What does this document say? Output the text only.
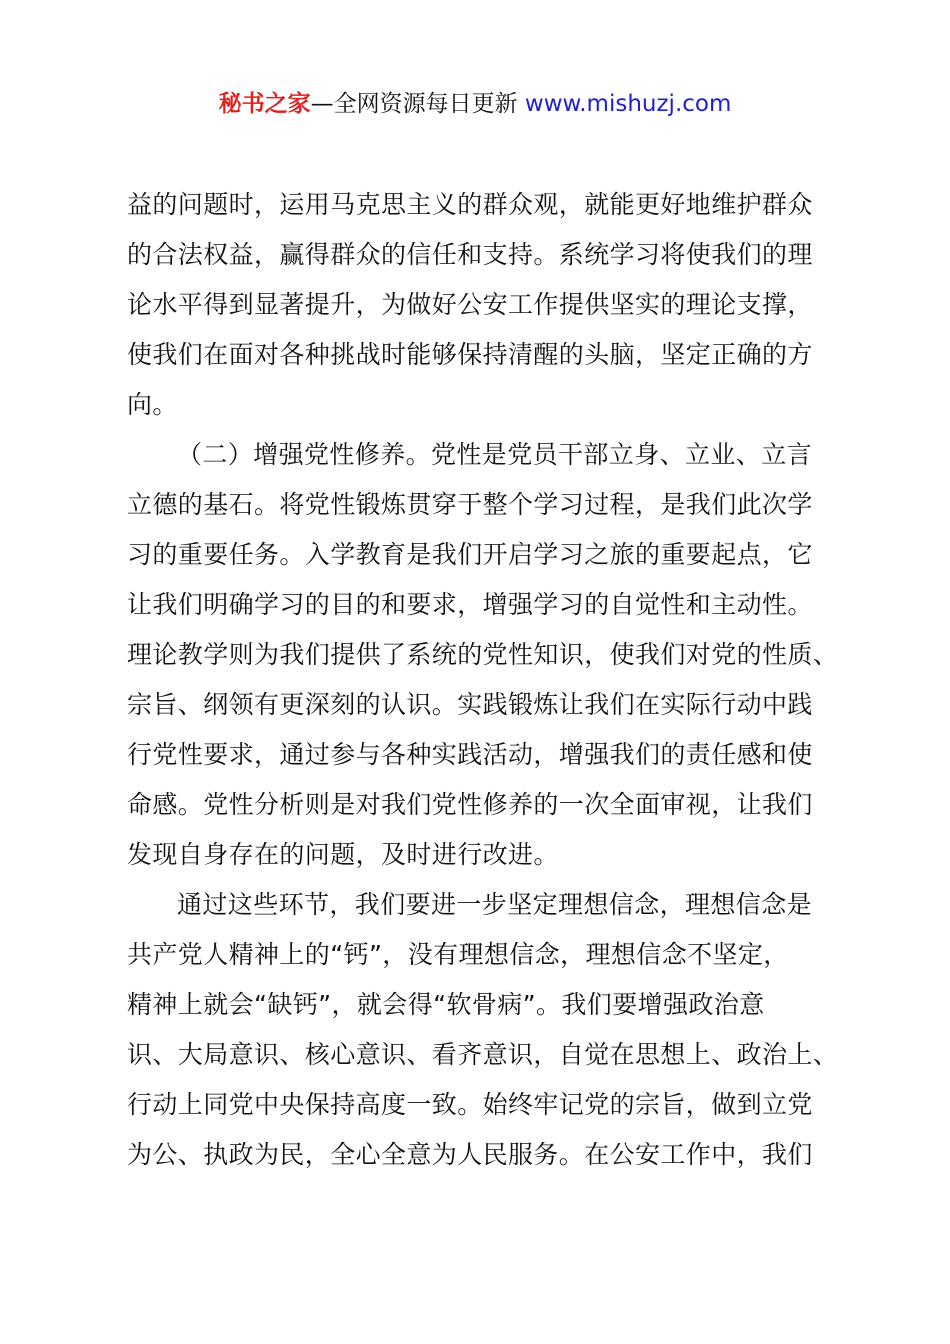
秘书之家—全网资源每日更新 www.mishuzj.com
益的问题时，运用马克思主义的群众观，就能更好地维护群众
的合法权益，赢得群众的信任和支持。系统学习将使我们的理
论水平得到显著提升，为做好公安工作提供坚实的理论支撑，
使我们在面对各种挑战时能够保持清醒的头脑，坚定正确的方
向。
（二）增强党性修养。党性是党员干部立身、立业、立言
立德的基石。将党性锻炼贯穿于整个学习过程，是我们此次学
习的重要任务。入学教育是我们开启学习之旅的重要起点，它
让我们明确学习的目的和要求，增强学习的自觉性和主动性。
理论教学则为我们提供了系统的党性知识，使我们对党的性质、
宗旨、纲领有更深刻的认识。实践锻炼让我们在实际行动中践
行党性要求，通过参与各种实践活动，增强我们的责任感和使
命感。党性分析则是对我们党性修养的一次全面审视，让我们
发现自身存在的问题，及时进行改进。
通过这些环节，我们要进一步坚定理想信念，理想信念是
共产党人精神上的“钙”，没有理想信念，理想信念不坚定，
精神上就会“缺钙”，就会得“软骨病”。我们要增强政治意
识、大局意识、核心意识、看齐意识，自觉在思想上、政治上、
行动上同党中央保持高度一致。始终牢记党的宗旨，做到立党
为公、执政为民，全心全意为人民服务。在公安工作中，我们
